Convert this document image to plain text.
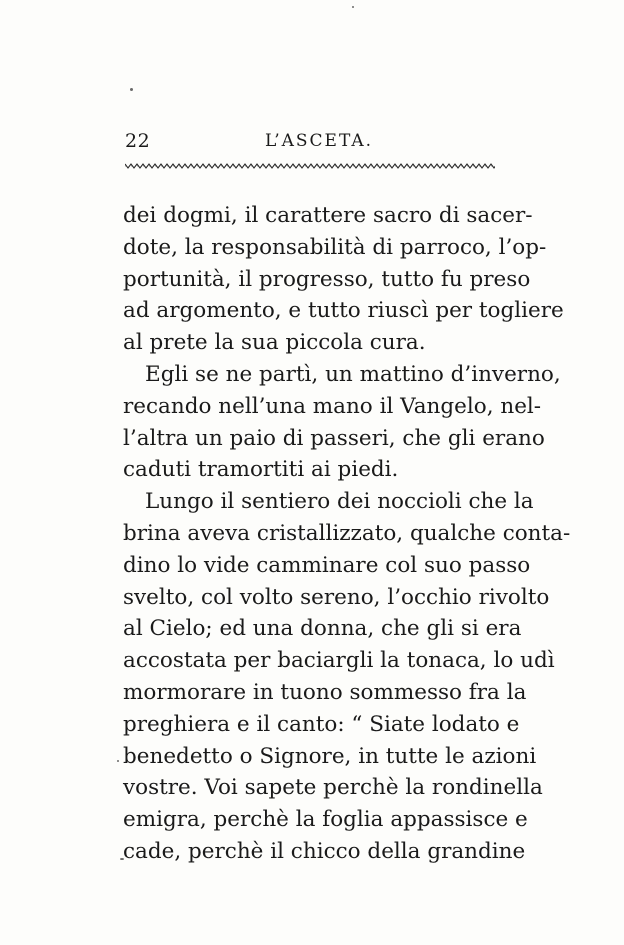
22	L’ASCETA.
dei dogmi, il carattere sacro di sacer-
dote, la responsabilità di parroco, l’op-
portunità, il progresso, tutto fu preso
ad argomento, e tutto riuscì per togliere
al prete la sua piccola cura.
Egli se ne partì, un mattino d’inverno,
recando nell’una mano il Vangelo, nel-
l’altra un paio di passeri, che gli erano
caduti tramortiti ai piedi.
Lungo il sentiero dei noccioli che la
brina aveva cristallizzato, qualche conta-
dino lo vide camminare col suo passo
svelto, col volto sereno, l’occhio rivolto
al Cielo; ed una donna, che gli si era
accostata per baciargli la tonaca, lo udì
mormorare in tuono sommesso fra la
preghiera e il canto: “ Siate lodato e
benedetto o Signore, in tutte le azioni
vostre. Voi sapete perchè la rondinella
emigra, perchè la foglia appassisce e
cade, perchè il chicco della grandine
